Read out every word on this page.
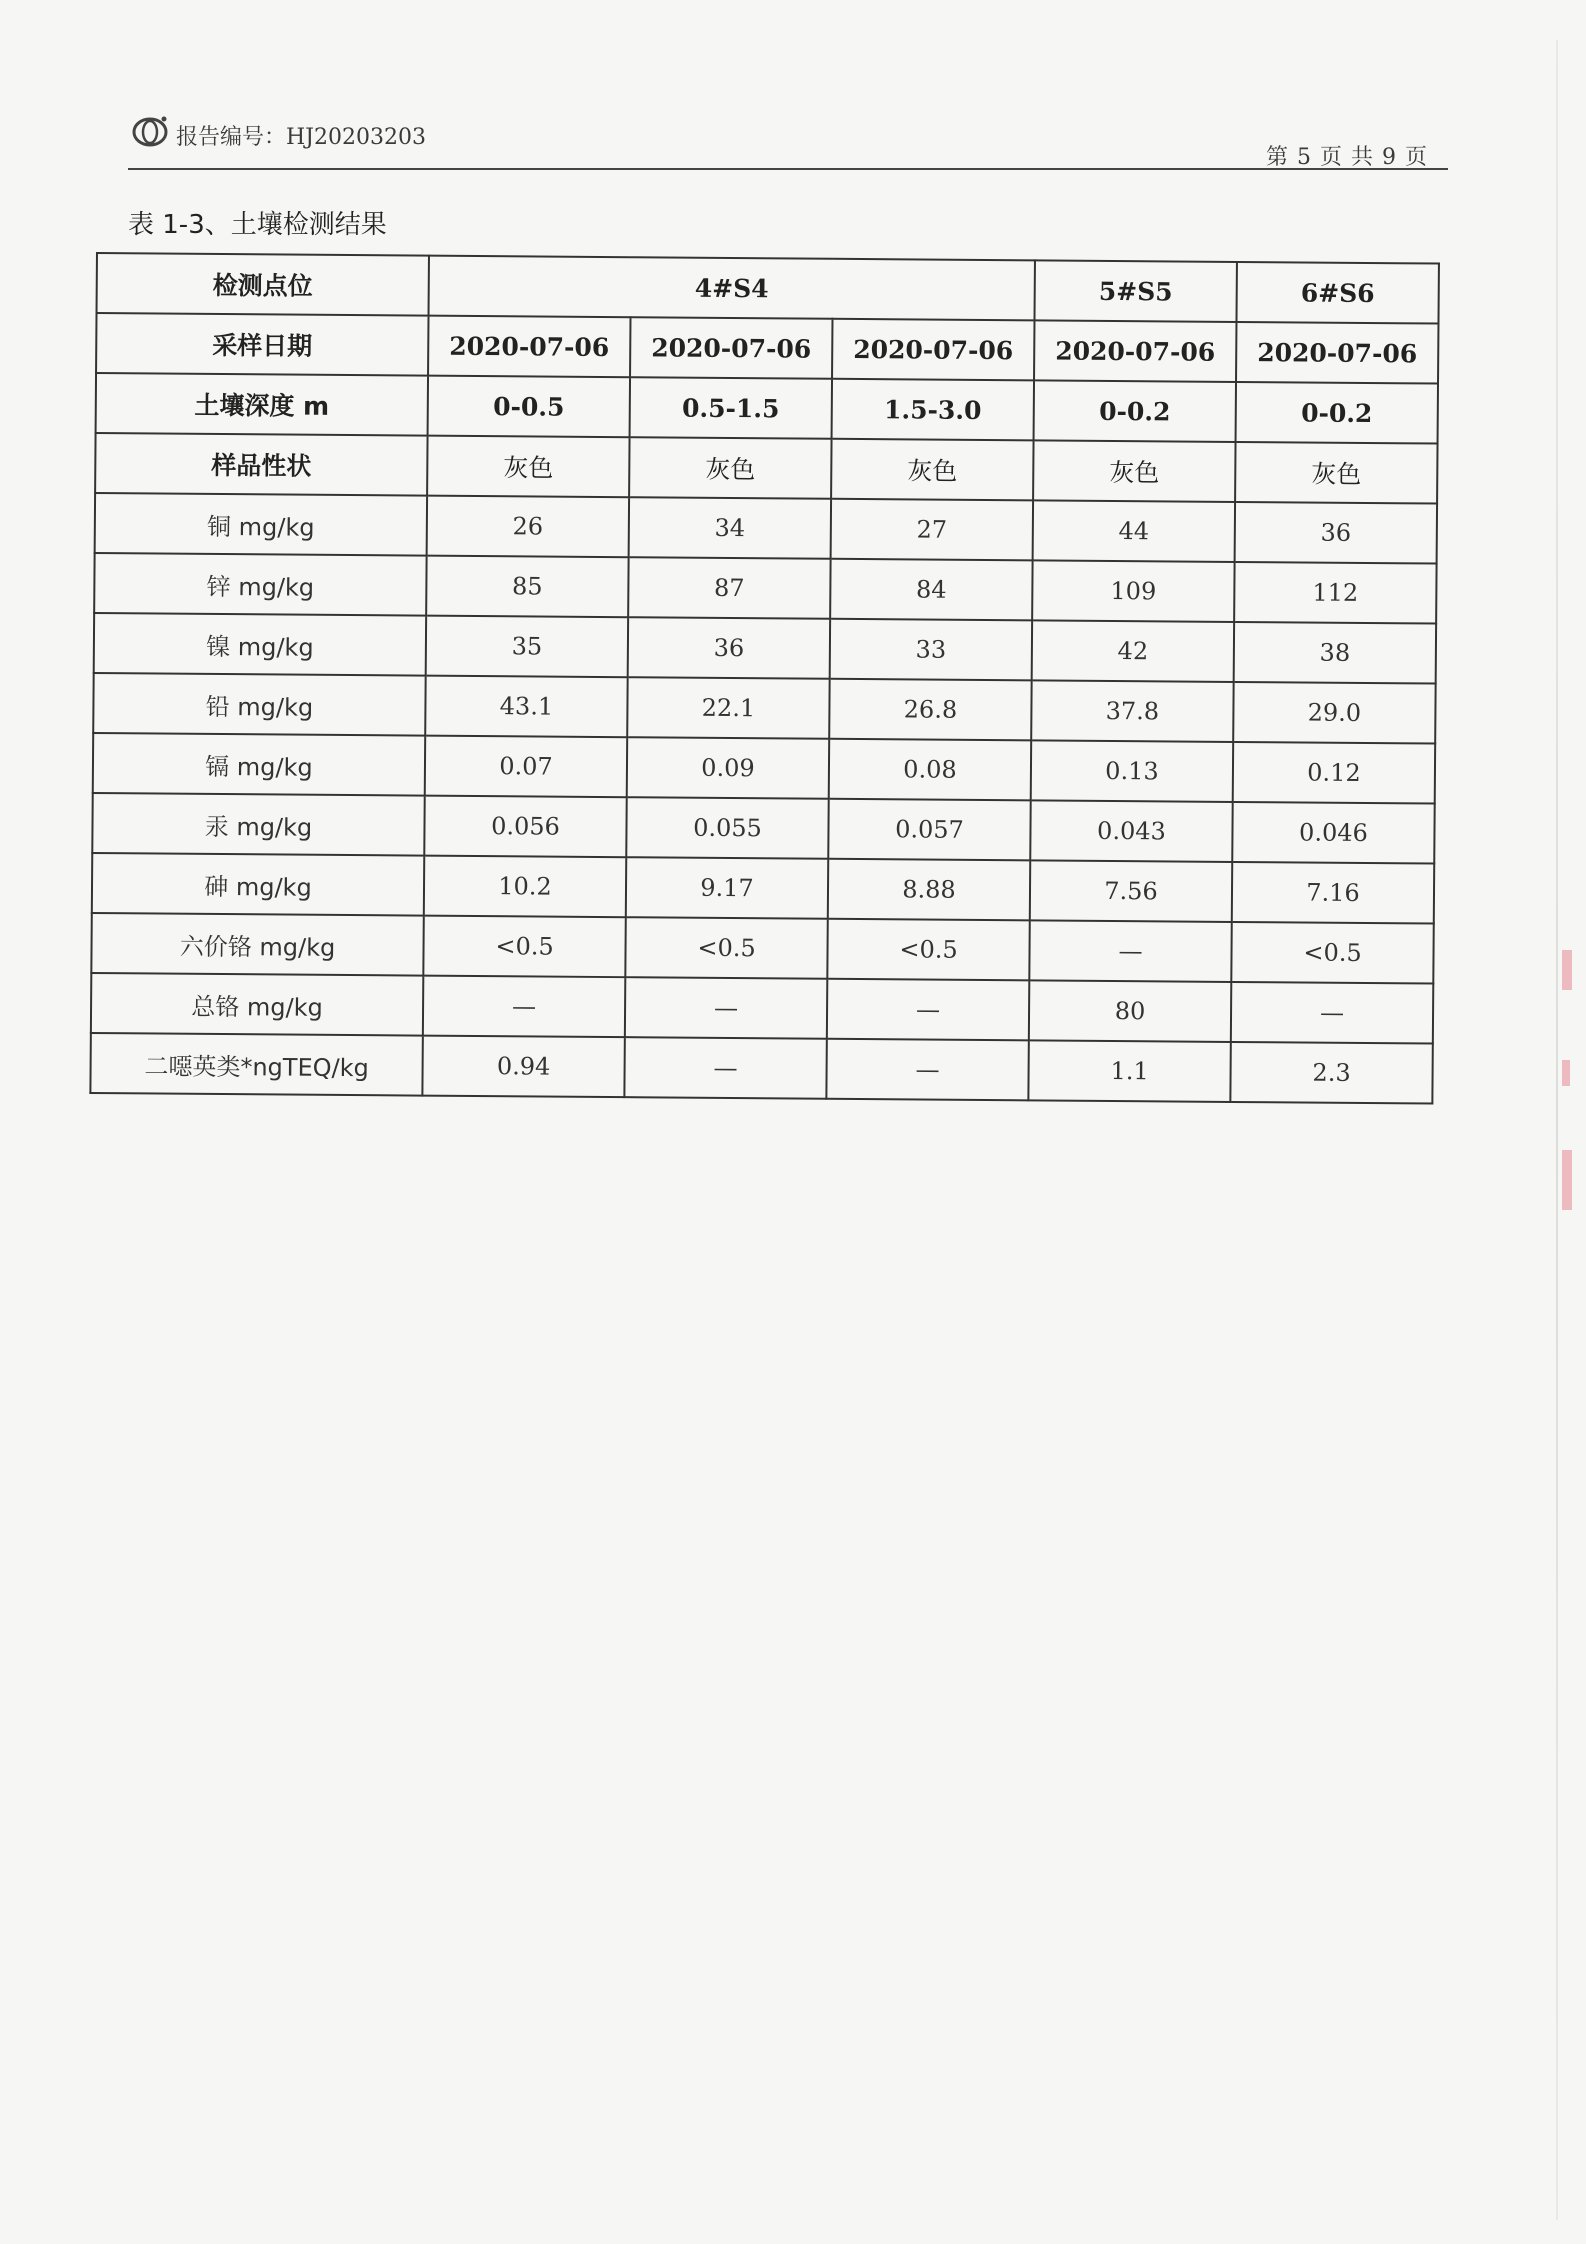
报告编号：HJ20203203
第 5 页 共 9 页
表 1-3、土壤检测结果
检测点位	4#S4			5#S5	6#S6
采样日期	2020-07-06	2020-07-06	2020-07-06	2020-07-06	2020-07-06
土壤深度 m	0-0.5	0.5-1.5	1.5-3.0	0-0.2	0-0.2
样品性状	灰色	灰色	灰色	灰色	灰色
铜 mg/kg	26	34	27	44	36
锌 mg/kg	85	87	84	109	112
镍 mg/kg	35	36	33	42	38
铅 mg/kg	43.1	22.1	26.8	37.8	29.0
镉 mg/kg	0.07	0.09	0.08	0.13	0.12
汞 mg/kg	0.056	0.055	0.057	0.043	0.046
砷 mg/kg	10.2	9.17	8.88	7.56	7.16
六价铬 mg/kg	<0.5	<0.5	<0.5	—	<0.5
总铬 mg/kg	—	—	—	80	—
二噁英类*ngTEQ/kg	0.94	—	—	1.1	2.3
